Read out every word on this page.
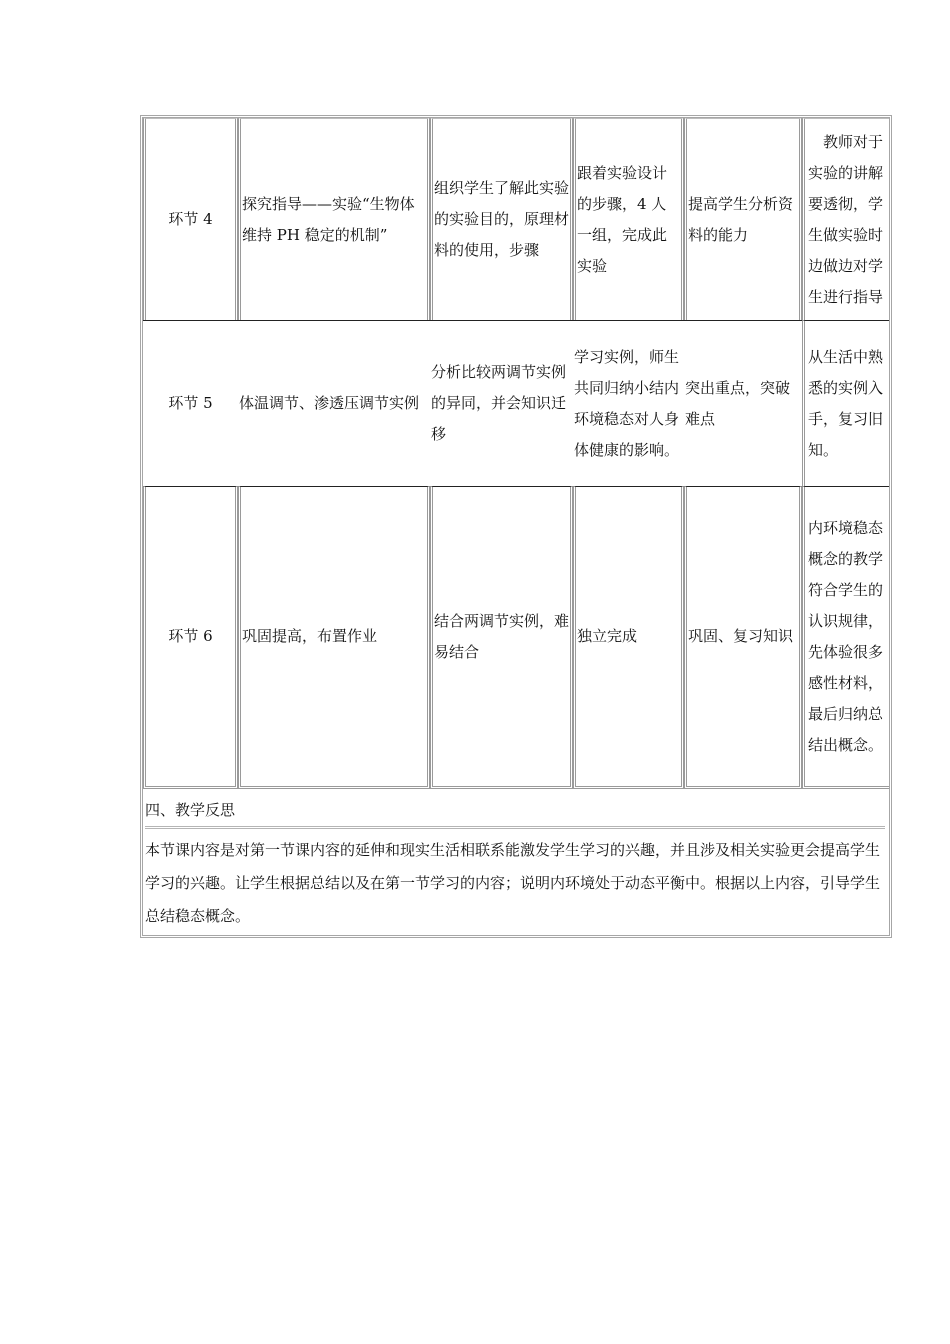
环节 4	探究指导——实验“生物体维持 PH 稳定的机制”	组织学生了解此实验的实验目的，原理材料的使用，步骤	跟着实验设计的步骤，4 人一组，完成此实验	提高学生分析资料的能力	　教师对于实验的讲解要透彻，学生做实验时边做边对学生进行指导

环节 5	体温调节、渗透压调节实例	分析比较两调节实例的异同，并会知识迁移	学习实例，师生共同归纳小结内环境稳态对人身体健康的影响。	突出重点，突破难点	从生活中熟悉的实例入手，复习旧知。

环节 6	巩固提高，布置作业	结合两调节实例，难易结合	独立完成	巩固、复习知识	内环境稳态概念的教学符合学生的认识规律，先体验很多感性材料，最后归纳总结出概念。
四、教学反思
本节课内容是对第一节课内容的延伸和现实生活相联系能激发学生学习的兴趣，并且涉及相关实验更会提高学生学习的兴趣。让学生根据总结以及在第一节学习的内容；说明内环境处于动态平衡中。根据以上内容，引导学生总结稳态概念。
